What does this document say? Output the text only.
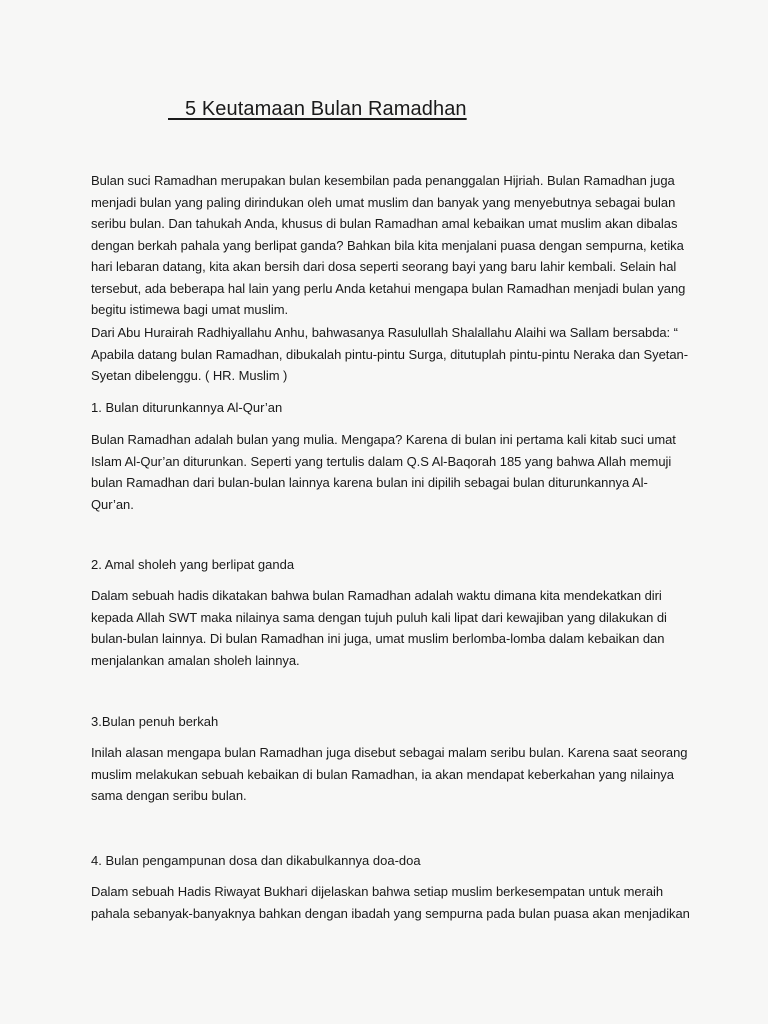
5 Keutamaan Bulan Ramadhan
Bulan suci Ramadhan merupakan bulan kesembilan pada penanggalan Hijriah. Bulan Ramadhan juga
menjadi bulan yang paling dirindukan oleh umat muslim dan banyak yang menyebutnya sebagai bulan
seribu bulan. Dan tahukah Anda, khusus di bulan Ramadhan amal kebaikan umat muslim akan dibalas
dengan berkah pahala yang berlipat ganda? Bahkan bila kita menjalani puasa dengan sempurna, ketika
hari lebaran datang, kita akan bersih dari dosa seperti seorang bayi yang baru lahir kembali. Selain hal
tersebut, ada beberapa hal lain yang perlu Anda ketahui mengapa bulan Ramadhan menjadi bulan yang
begitu istimewa bagi umat muslim.
Dari Abu Hurairah Radhiyallahu Anhu, bahwasanya Rasulullah Shalallahu Alaihi wa Sallam bersabda: “
Apabila datang bulan Ramadhan, dibukalah pintu-pintu Surga, ditutuplah pintu-pintu Neraka dan Syetan-
Syetan dibelenggu. ( HR. Muslim )
1. Bulan diturunkannya Al-Qur’an
Bulan Ramadhan adalah bulan yang mulia. Mengapa? Karena di bulan ini pertama kali kitab suci umat
Islam Al-Qur’an diturunkan. Seperti yang tertulis dalam Q.S Al-Baqorah 185 yang bahwa Allah memuji
bulan Ramadhan dari bulan-bulan lainnya karena bulan ini dipilih sebagai bulan diturunkannya Al-
Qur’an.
2. Amal sholeh yang berlipat ganda
Dalam sebuah hadis dikatakan bahwa bulan Ramadhan adalah waktu dimana kita mendekatkan diri
kepada Allah SWT maka nilainya sama dengan tujuh puluh kali lipat dari kewajiban yang dilakukan di
bulan-bulan lainnya. Di bulan Ramadhan ini juga, umat muslim berlomba-lomba dalam kebaikan dan
menjalankan amalan sholeh lainnya.
3.Bulan penuh berkah
Inilah alasan mengapa bulan Ramadhan juga disebut sebagai malam seribu bulan. Karena saat seorang
muslim melakukan sebuah kebaikan di bulan Ramadhan, ia akan mendapat keberkahan yang nilainya
sama dengan seribu bulan.
4. Bulan pengampunan dosa dan dikabulkannya doa-doa
Dalam sebuah Hadis Riwayat Bukhari dijelaskan bahwa setiap muslim berkesempatan untuk meraih
pahala sebanyak-banyaknya bahkan dengan ibadah yang sempurna pada bulan puasa akan menjadikan
